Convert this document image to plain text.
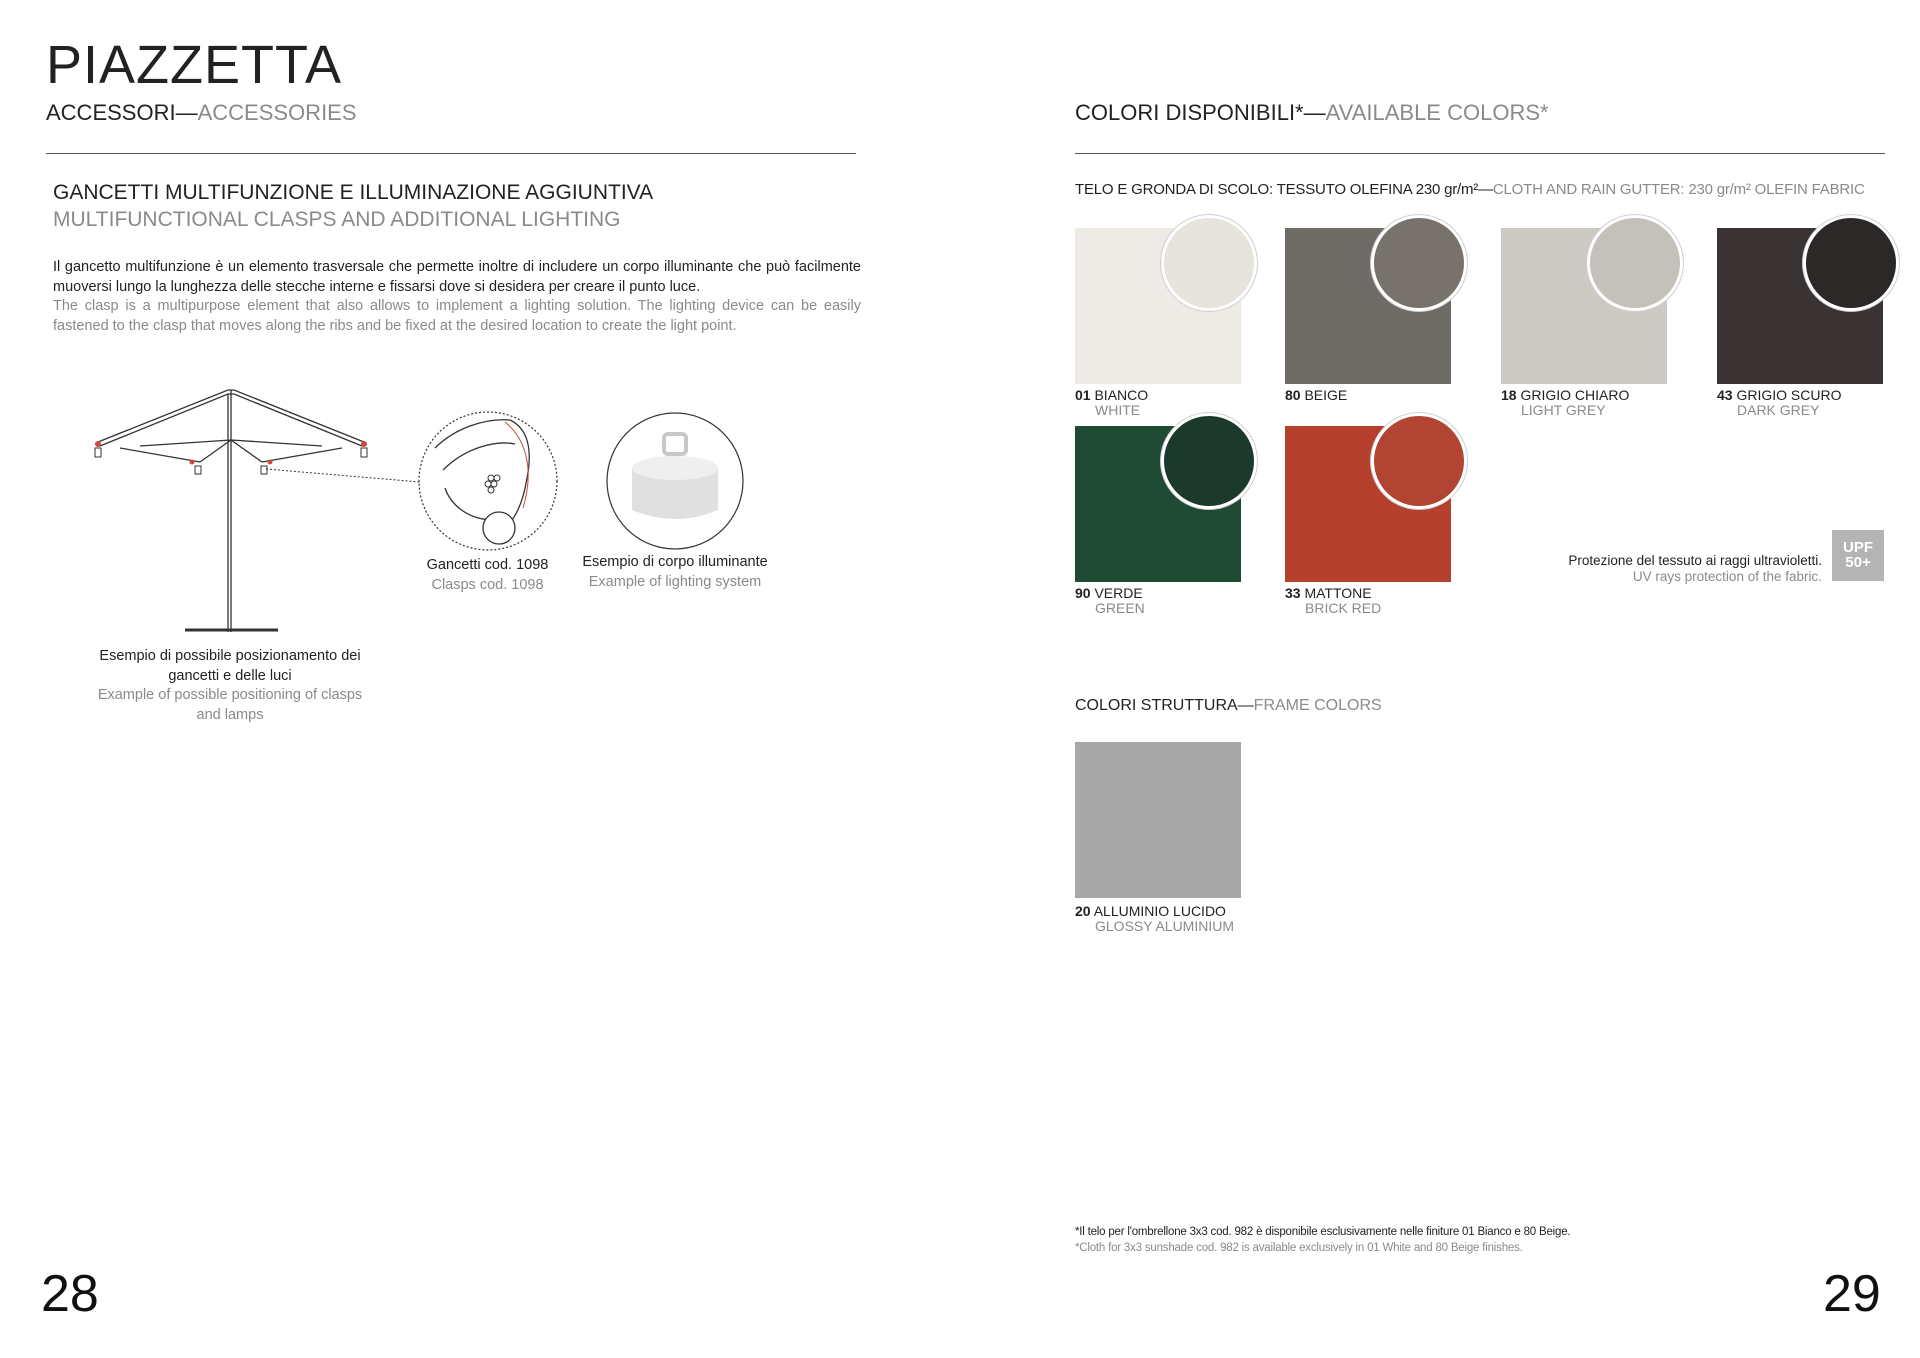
PIAZZETTA
ACCESSORI—ACCESSORIES
GANCETTI MULTIFUNZIONE E ILLUMINAZIONE AGGIUNTIVA
MULTIFUNCTIONAL CLASPS AND ADDITIONAL LIGHTING

Il gancetto multifunzione è un elemento trasversale che permette inoltre di includere un corpo illuminante che può facilmente muoversi lungo la lunghezza delle stecche interne e fissarsi dove si desidera per creare il punto luce.

The clasp is a multipurpose element that also allows to implement a lighting solution. The lighting device can be easily fastened to the clasp that moves along the ribs and be fixed at the desired location to create the light point.

Esempio di possibile posizionamento dei
gancetti e delle luci
Example of possible positioning of clasps
and lamps
Gancetti cod. 1098
Clasps cod. 1098
Esempio di corpo illuminante
Example of lighting system
28
COLORI DISPONIBILI*—AVAILABLE COLORS*
TELO E GRONDA DI SCOLO: TESSUTO OLEFINA 230 gr/m²—CLOTH AND RAIN GUTTER: 230 gr/m² OLEFIN FABRIC
01 BIANCO
WHITE
80 BEIGE	18 GRIGIO CHIARO
LIGHT GREY
43 GRIGIO SCURO
DARK GREY
90 VERDE
GREEN
33 MATTONE
BRICK RED
Protezione del tessuto ai raggi ultravioletti.
UV rays protection of the fabric.
UPF
50+
COLORI STRUTTURA—FRAME COLORS
20 ALLUMINIO LUCIDO
GLOSSY ALUMINIUM
*Il telo per l'ombrellone 3x3 cod. 982 è disponibile esclusivamente nelle finiture 01 Bianco e 80 Beige.
*Cloth for 3x3 sunshade cod. 982 is available exclusively in 01 White and 80 Beige finishes.
29
